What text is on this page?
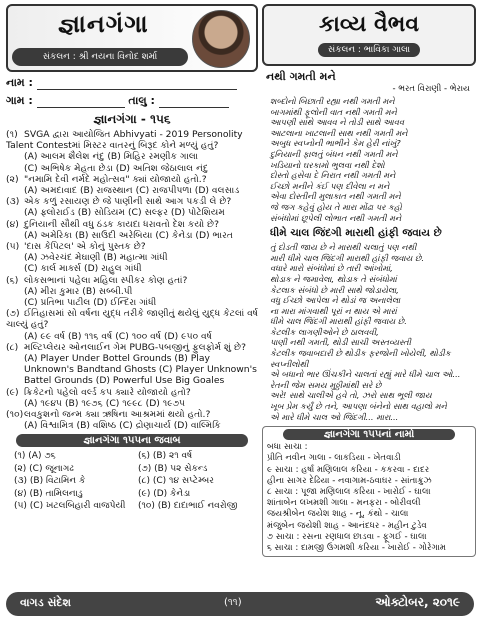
જ્ઞાનગંગા
સંકલન : શ્રી નયના વિનોદ શર્મા
નામ :
ગામ :	તાલુ :
જ્ઞાનગંગા - ૧૫૬
(૧) SVGA દ્વારા આયોજિત Abhivyati - 2019 Personolity Talent Contestમાં મિસ્ટર વાતરનું બિરૂદ કોને મળ્યું હતું?
(A) આલમ શૈલેશ નંદુ (B) મિહિર રમણીક ગાલા
(C) અભિષેક મેહતા છેડા (D) અતિશ જેઠાલાલ નંદુ
(૨) "નમામિ દેવી નર્મદે મહોત્સવ" ક્યાં યોજાયો હતો.?
(A) અમદાવાદ (B) રાજસ્થાન (C) રાજપીપળા (D) વલસાડ
(૩) એક કળું રસાયણ છે જે પાણીની સાથે આગ પકડી લે છે?
(A) ફ્લોરાઈડ (B) સોડિયમ (C) સલ્ફર (D) પોટેશિયમ
(૪) દુનિયાની સૌથી વધુ ઠંડક કાયદા ધરાવતો દેશ કયો છે?
(A) અમેરિકા (B) સાઉદી અરેબિયા (C) કેનેડા (D) ભારત
(૫) 'દાસ કેપિટલ' એ કોનું પુસ્તક છે?
(A) ઝવેરચંદ મેઘાણી (B) મહાત્મા ગાંધી
(C) કાર્લ માર્ક્સ (D) રાહુલ ગાંધી
(૬) લોકસભાનાં પહેલા મહિલા સ્પીકર કોણ હતાં?
(A) મીરા કુમાર (B) સબ્બી.પી
(C) પ્રતિભા પાટીલ (D) ઈન્દિરા ગાંધી
(૭) ઈતિહાસમાં સો વર્ષના યુદ્ધ તરીકે જાણીતું થયેલું યુદ્ધ કેટલાં વર્ષ ચાલ્યું હતું?
(A) ૯૯ વર્ષ (B) ૧૧૬ વર્ષ (C) ૧૦૦ વર્ષ (D) ૯૫૦ વર્ષ
(૮) મલ્ટિપ્લેયર ઓનલાઈન ગેમ PUBG-પબજીનું ફુલફોર્મ શું છે?
(A) Player Under Bottel Grounds (B) Play Unknown's Bandtand Ghosts (C) Player Unknown's Battel Grounds (D) Powerful Use Big Goales
(૯) ક્રિકેટનો પહેલો વર્લ્ડ કપ ક્યારે યોજાયો હતો?
(A) ૧૯૪૫ (B) ૧૯૭૬ (C) ૧૯૯૮ (D) ૧૯૭૫
(૧૦)લવકુશનો જન્મ ક્યા ઋષિના આશ્રમમાં થયો હતો.?
(A) વિશ્વામિત્ર (B) વશિષ્ઠ (C) દ્રોણાચાર્ય (D) વાલ્મિકિ
જ્ઞાનગંગા ૧૫૫ના જવાબ
(૧) (A) ૭૬	(૬) (B) ૨૧ વર્ષ
(૨) (C) જૂનાગઢ	(૭) (B) ૫૨ સેકન્ડ
(૩) (B) વિટામિન કે	(૮) (C) ૧૪ સપ્ટેમ્બર
(૪) (B) તામિલનાડુ	(૯) (D) કેનેડા
(૫) (C) ખટલબિહારી વાજપેયી	(૧૦) (B) દાદાભાઈ નવરોજી
કાવ્ય વૈભવ
સંકલન : ભાવિકા ગાલા
નથી ગમતી મને
- ભરત વિરાણી - ભેરાય
શબ્દોનો બિછાતી રહ્યા નથી ગમતી મને
બાગમાંથી ફૂલોની વાત નથી ગમતી મને
આપણી સાથે આવવ ને તોડી સાથે આવવ
આટલાના ખાટલાની સાથ નથી ગમતી મને
અબુધ સ્વપ્નોની ભાભીને કેમ હેરી નાંખું?
દુનિયાની ફાલતું બંધન નથી ગમતી મને
ખડિયાનો ઘરકામો ભુલવા નથી દેશો
દોસ્તો હસેવા દે નિરાત નથી ગમતી મને
ઈચ્છો મનીને કંઈ પણ દીવેલા ન મને
એવા દોસ્તીની મુલાકાત નથી ગમતી મને
જે જગ કહેવું હોય તે મારા મોંઢા પર કહો
સંબંધોમાં છૂપેલી લોભાત નથી ગમતી મને
ધીમે ચાલ જિંદગી મારાથી હાંફી જવાય છે
તું દોડતી જાય છે ને મારાથી ચલાતું પણ નથી
મારી ધીમે ચાલ જિંદગી મારાથી હાંફી જવાય છે.
વધારે મારો સંબંધોમાં છે તારી આંખોમાં,
થોડાક ને જમાવેલા, થોડાક તે સંબંધોમાં
કેટલાક સંબંધો છે મારી સાથે જોડાયેલા,
વધુ ઈચ્છો આપેલા ને થોડાં જ અનાલેલા
ના મારા માંગવાથી પૂરાં ન થાય એ મારાં
ધીમે ચાલ જિંદગી મારાથી હાંફી જવાય છે.
કેટલીક લાગણીઓને છે ઠાલવવી,
પાણી નથી ગમતી, થોડી સાચી અસ્તવ્યસ્તી
કેટલીક જવાબદારી છે થોડીક ફરજોની ખોયેલી, થોડીક સ્વપ્નીલોથી
એ બધાનો ભાર ઊંચકીને ચાલતાં રહ્યું મારે ધીમે ચાલ ઓ...
રેતની જેમ સમય મુઠ્ઠીમાંથી સરે છે
અરે! સાથે ચાલીએ હવે તો, ઝરો સાથ ભૂલી જાય
ખૂબ પ્રેમ કર્યું છે તને, આપણા બંનેનો સાથ વહાલો મને
એ મારે ધીમે ચાલ ઓ જિંદગી... મારા...
જ્ઞાનગંગા ૧૫૫નાં નામો
બધા સાચા :
પ્રીતિ નવીન ગાલા - લાકડિયા - ખેતવાડી
૯ સાચા : હર્ષા મણિલાલ કરિયા - કકરવા - દાદર
હીના સાગર દેઢિયા - નવાગામ-ઠવાઘર - સાંતાક્રુઝ
૮ સાચા : પૂજા મણિલાલ કરિયા - ખારોઈ - ઘાલા
શાંતાબેન લખમશી ગાલા - મનફરા - બોરીવલી
જયશ્રીબેન જયેશ શાહ - નૂ, કંથો - ચાલા
મંજુબેન જયેશી શાહ - આનંદધર - મહીન ટુડેવ
૭ સાચા : રસના રણધાલ છાડવા - ફૂગઈ - ઘાલા
૬ સાચા : દામજી ઉગમશી કરિયા - ખારોઈ - ગોરેગામ
વાગડ સંદેશ	(૧૧)	ઓક્ટોબર, ૨૦૧૯
